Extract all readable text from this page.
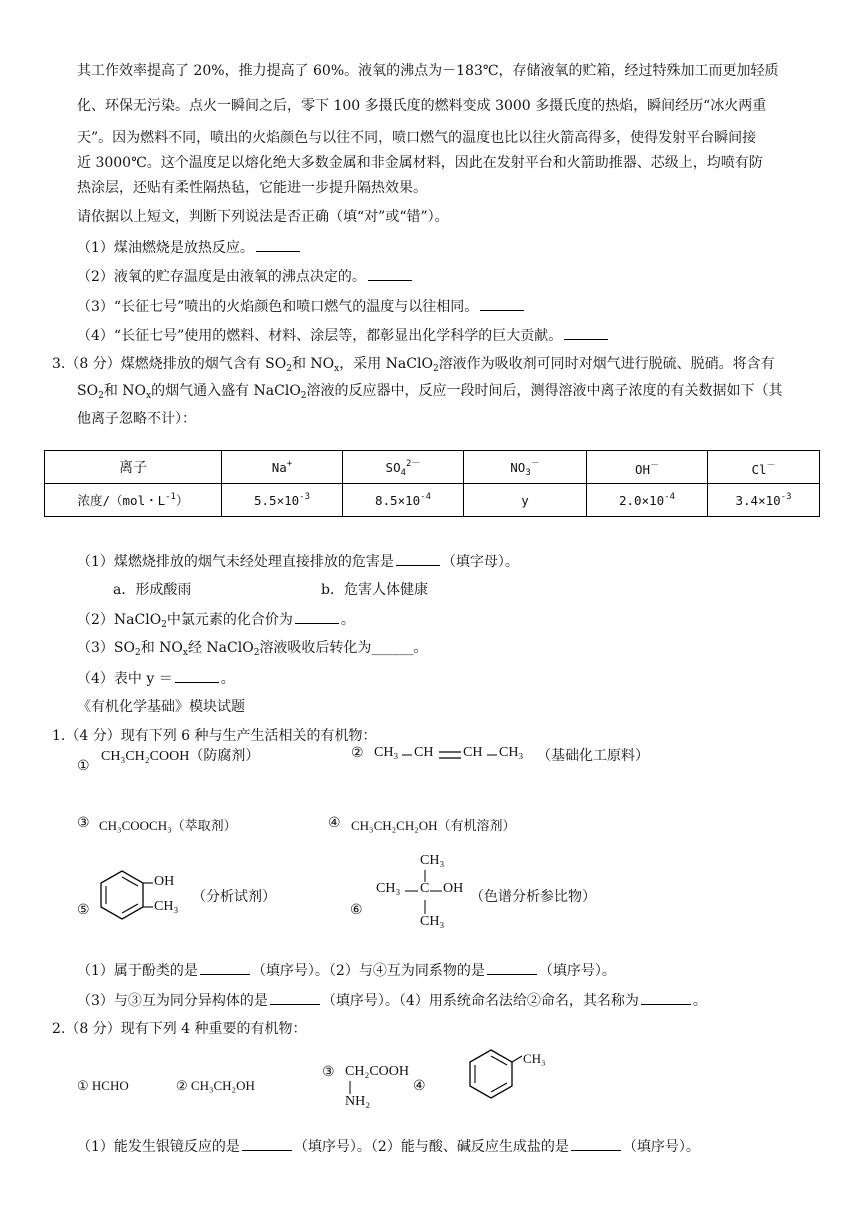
其工作效率提高了 20%，推力提高了 60%。液氧的沸点为－183℃，存储液氧的贮箱，经过特殊加工而更加轻质
化、环保无污染。点火一瞬间之后，零下 100 多摄氏度的燃料变成 3000 多摄氏度的热焰，瞬间经历“冰火两重
天”。因为燃料不同，喷出的火焰颜色与以往不同，喷口燃气的温度也比以往火箭高得多，使得发射平台瞬间接
近 3000℃。这个温度足以熔化绝大多数金属和非金属材料，因此在发射平台和火箭助推器、芯级上，均喷有防
热涂层，还贴有柔性隔热毡，它能进一步提升隔热效果。
请依据以上短文，判断下列说法是否正确（填“对”或“错”）。
（1）煤油燃烧是放热反应。
（2）液氧的贮存温度是由液氧的沸点决定的。
（3）“长征七号”喷出的火焰颜色和喷口燃气的温度与以往相同。
（4）“长征七号”使用的燃料、材料、涂层等，都彰显出化学科学的巨大贡献。
3.（8 分）煤燃烧排放的烟气含有 $SO_2$和 $NO_x$，采用 NaClO$_2$溶液作为吸收剂可同时对烟气进行脱硫、脱硝。将含有
$SO_2$和 $NO_x$的烟气通入盛有 NaClO$_2$溶液的反应器中，反应一段时间后，测得溶液中离子浓度的有关数据如下（其
他离子忽略不计）：
离子	Na+	$SO_4^{2-}$	$NO_3^-$	OH－	Cl－
浓度/（mol・$L^{-1}$）	$5.5\times 10^{-3}$	$8.5\times 10^{-4}$	y	$2.0\times 10^{-4}$	$3.4\times 10^{-3}$
（1）煤燃烧排放的烟气未经处理直接排放的危害是	（填字母）。
a．形成酸雨	b．危害人体健康
（2）NaClO$_2$中氯元素的化合价为	。
$(3)SO_2$和 $NO_x$经 NaClO$_2$溶液吸收后转化为______。
（4）表中 y ＝	。
《有机化学基础》模块试题
1.（4 分）现有下列 6 种与生产生活相关的有机物：
①
CH₃CH₂COOH（防腐剂）	② CH₃ CH CH CH₃ （基础化工原料）
③ CH₃COOCH₃（萃取剂）	④ CH₃CH₂CH₂OH（有机溶剂）
⑤
OH
CH₃
（分析试剂）
⑥
CH₃
CH₃ C OH
CH₃
（色谱分析参比物）
（1）属于酚类的是	（填序号）。（2）与④互为同系物的是	（填序号）。
（3）与③互为同分异构体的是	（填序号）。（4）用系统命名法给②命名，其名称为	。
2.（8 分）现有下列 4 种重要的有机物：
① HCHO	② CH₃CH₂OH
③ CH₂COOH
NH₂
④
CH₃
（1）能发生银镜反应的是	（填序号）。（2）能与酸、碱反应生成盐的是	（填序号）。
